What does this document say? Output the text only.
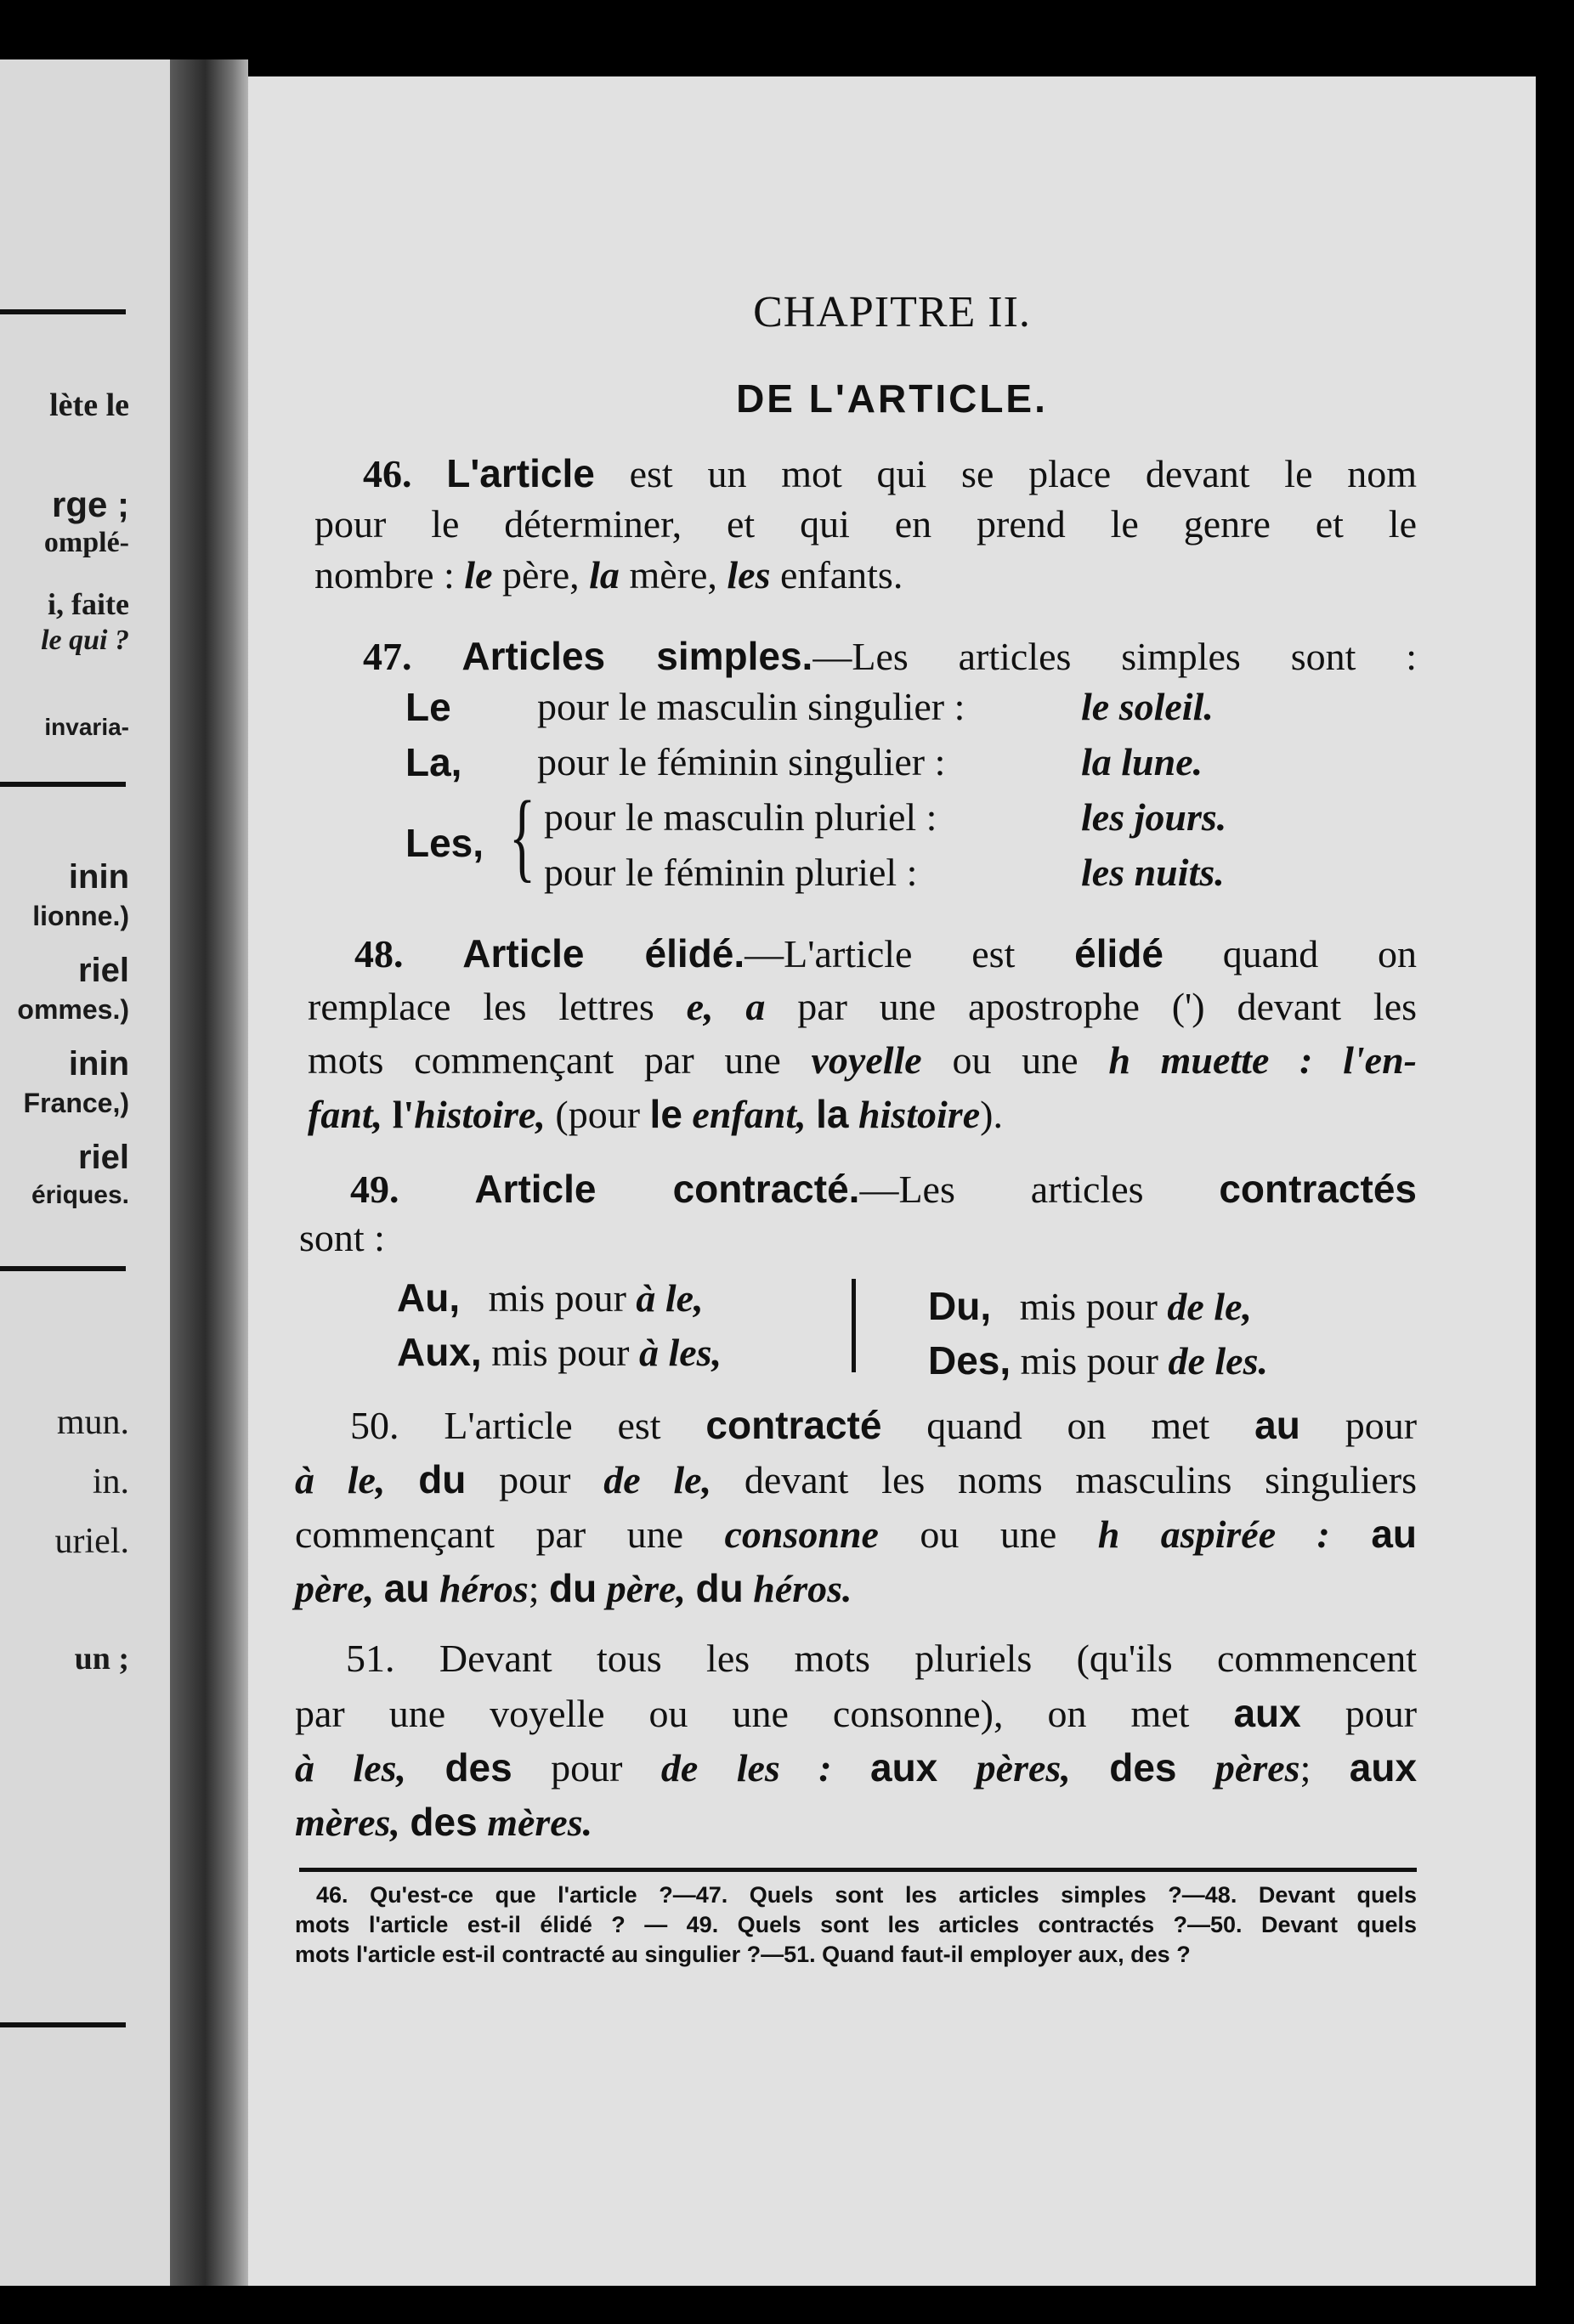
lète le
rge ;
omplé-
i, faite
le qui ?
invaria-
inin
lionne.)
riel
ommes.)
inin
France,)
riel
ériques.
mun.
in.
uriel.
un ;
CHAPITRE II.
DE L'ARTICLE.
46. L'article est un mot qui se place devant le nom
pour le déterminer, et qui en prend le genre et le
nombre : le père, la mère, les enfants.
47. Articles simples.—Les articles simples sont :
Le pour le masculin singulier :	le soleil.
La, pour le féminin singulier :	la lune.
Les, { pour le masculin pluriel :	les jours.
pour le féminin pluriel :	les nuits.
48. Article élidé.—L'article est élidé quand on
remplace les lettres e, a par une apostrophe (') devant les
mots commençant par une voyelle ou une h muette : l'en-
fant, l'histoire, (pour le enfant, la histoire).
49. Article contracté.—Les articles contractés
sont :
Au, mis pour à le,
Aux, mis pour à les,
Du, mis pour de le,
Des, mis pour de les.
50. L'article est contracté quand on met au pour
à le, du pour de le, devant les noms masculins singuliers
commençant par une consonne ou une h aspirée : au
père, au héros; du père, du héros.
51. Devant tous les mots pluriels (qu'ils commencent
par une voyelle ou une consonne), on met aux pour
à les, des pour de les : aux pères, des pères; aux
mères, des mères.
46. Qu'est-ce que l'article ?—47. Quels sont les articles simples ?—48. Devant quels
mots l'article est-il élidé ? — 49. Quels sont les articles contractés ?—50. Devant quels
mots l'article est-il contracté au singulier ?—51. Quand faut-il employer aux, des ?
